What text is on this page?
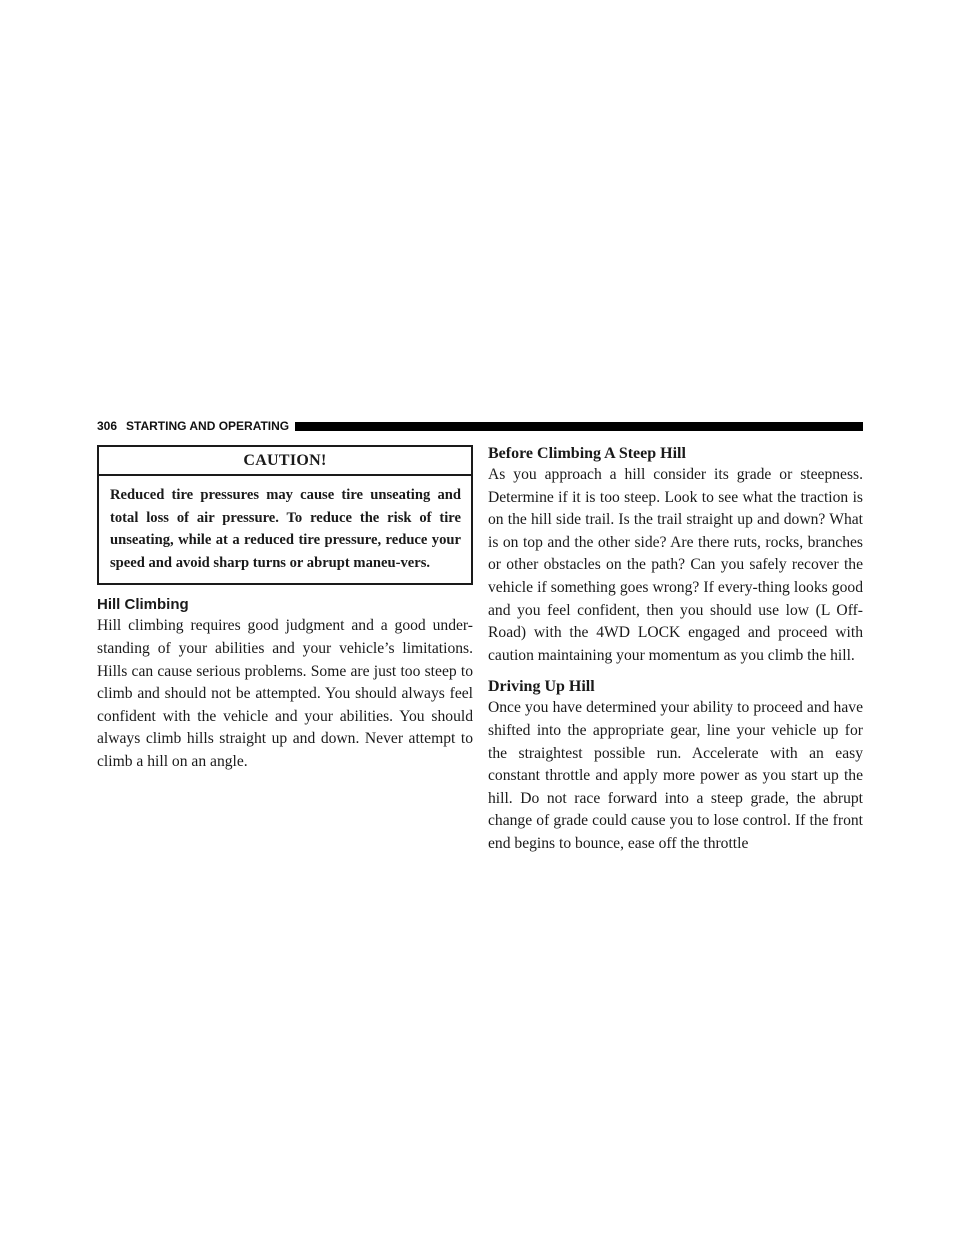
306 STARTING AND OPERATING
CAUTION!

Reduced tire pressures may cause tire unseating and total loss of air pressure. To reduce the risk of tire unseating, while at a reduced tire pressure, reduce your speed and avoid sharp turns or abrupt maneu-vers.

Hill Climbing

Hill climbing requires good judgment and a good under-standing of your abilities and your vehicle’s limitations. Hills can cause serious problems. Some are just too steep to climb and should not be attempted. You should always feel confident with the vehicle and your abilities. You should always climb hills straight up and down. Never attempt to climb a hill on an angle.

Before Climbing A Steep Hill

As you approach a hill consider its grade or steepness. Determine if it is too steep. Look to see what the traction is on the hill side trail. Is the trail straight up and down? What is on top and the other side? Are there ruts, rocks, branches or other obstacles on the path? Can you safely recover the vehicle if something goes wrong? If every-thing looks good and you feel confident, then you should use low (L Off-Road) with the 4WD LOCK engaged and proceed with caution maintaining your momentum as you climb the hill.

Driving Up Hill

Once you have determined your ability to proceed and have shifted into the appropriate gear, line your vehicle up for the straightest possible run. Accelerate with an easy constant throttle and apply more power as you start up the hill. Do not race forward into a steep grade, the abrupt change of grade could cause you to lose control. If the front end begins to bounce, ease off the throttle
